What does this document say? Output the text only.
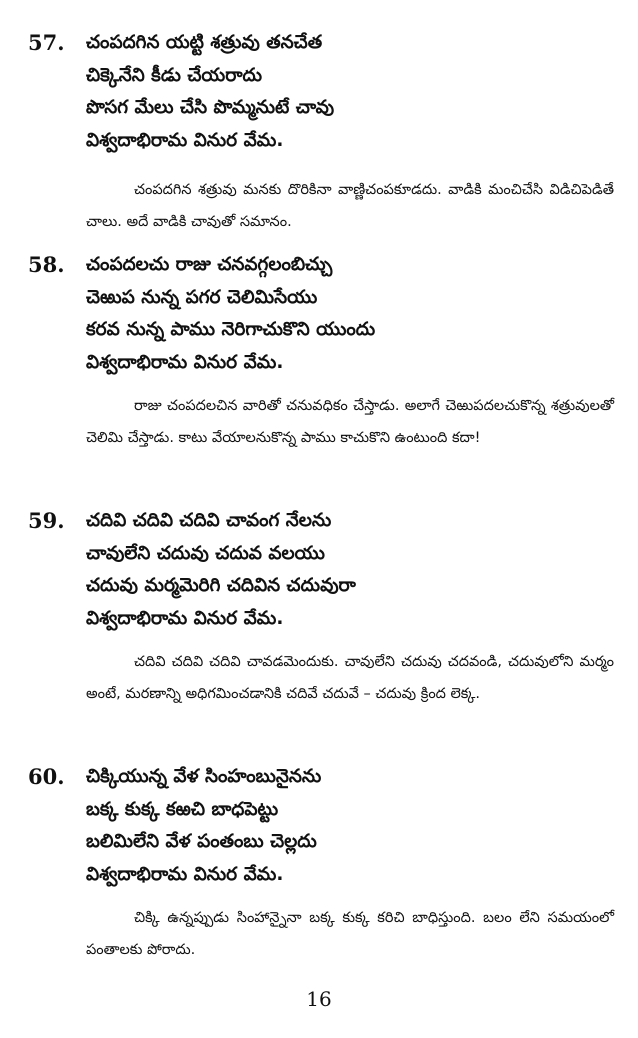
57. చంపదగిన యట్టి శత్రువు తనచేత
చిక్కెనేని కీడు చేయరాదు
పొసగ మేలు చేసి పొమ్మనుటే చావు
విశ్వదాభిరామ వినుర వేమ.

చంపదగిన శత్రువు మనకు దొరికినా వాణ్ణిచంపకూడదు. వాడికి మంచిచేసి విడిచిపెడితే చాలు. అదే వాడికి చావుతో సమానం.

58. చంపదలచు రాజు చనవగ్గలంబిచ్చు
చెఱుప నున్న పగర చెలిమిసేయు
కరవ నున్న పాము నెరిగాచుకొని యుందు
విశ్వదాభిరామ వినుర వేమ.

రాజు చంపదలచిన వారితో చనువధికం చేస్తాడు. అలాగే చెఱుపదలచుకొన్న శత్రువులతో చెలిమి చేస్తాడు. కాటు వేయాలనుకొన్న పాము కాచుకొని ఉంటుంది కదా!

59. చదివి చదివి చదివి చావంగ నేలను
చావులేని చదువు చదువ వలయు
చదువు మర్మమెరిగి చదివిన చదువురా
విశ్వదాభిరామ వినుర వేమ.

చదివి చదివి చదివి చావడమెందుకు. చావులేని చదువు చదవండి, చదువులోని మర్మం అంటే, మరణాన్ని అధిగమించడానికి చదివే చదువే – చదువు క్రింద లెక్క.

60. చిక్కియున్న వేళ సింహంబునైనను
బక్క కుక్క కఱచి బాధపెట్టు
బలిమిలేని వేళ పంతంబు చెల్లదు
విశ్వదాభిరామ వినుర వేమ.

చిక్కి ఉన్నప్పుడు సింహాన్నైనా బక్క కుక్క కరిచి బాధిస్తుంది. బలం లేని సమయంలో పంతాలకు పోరాదు.

16
